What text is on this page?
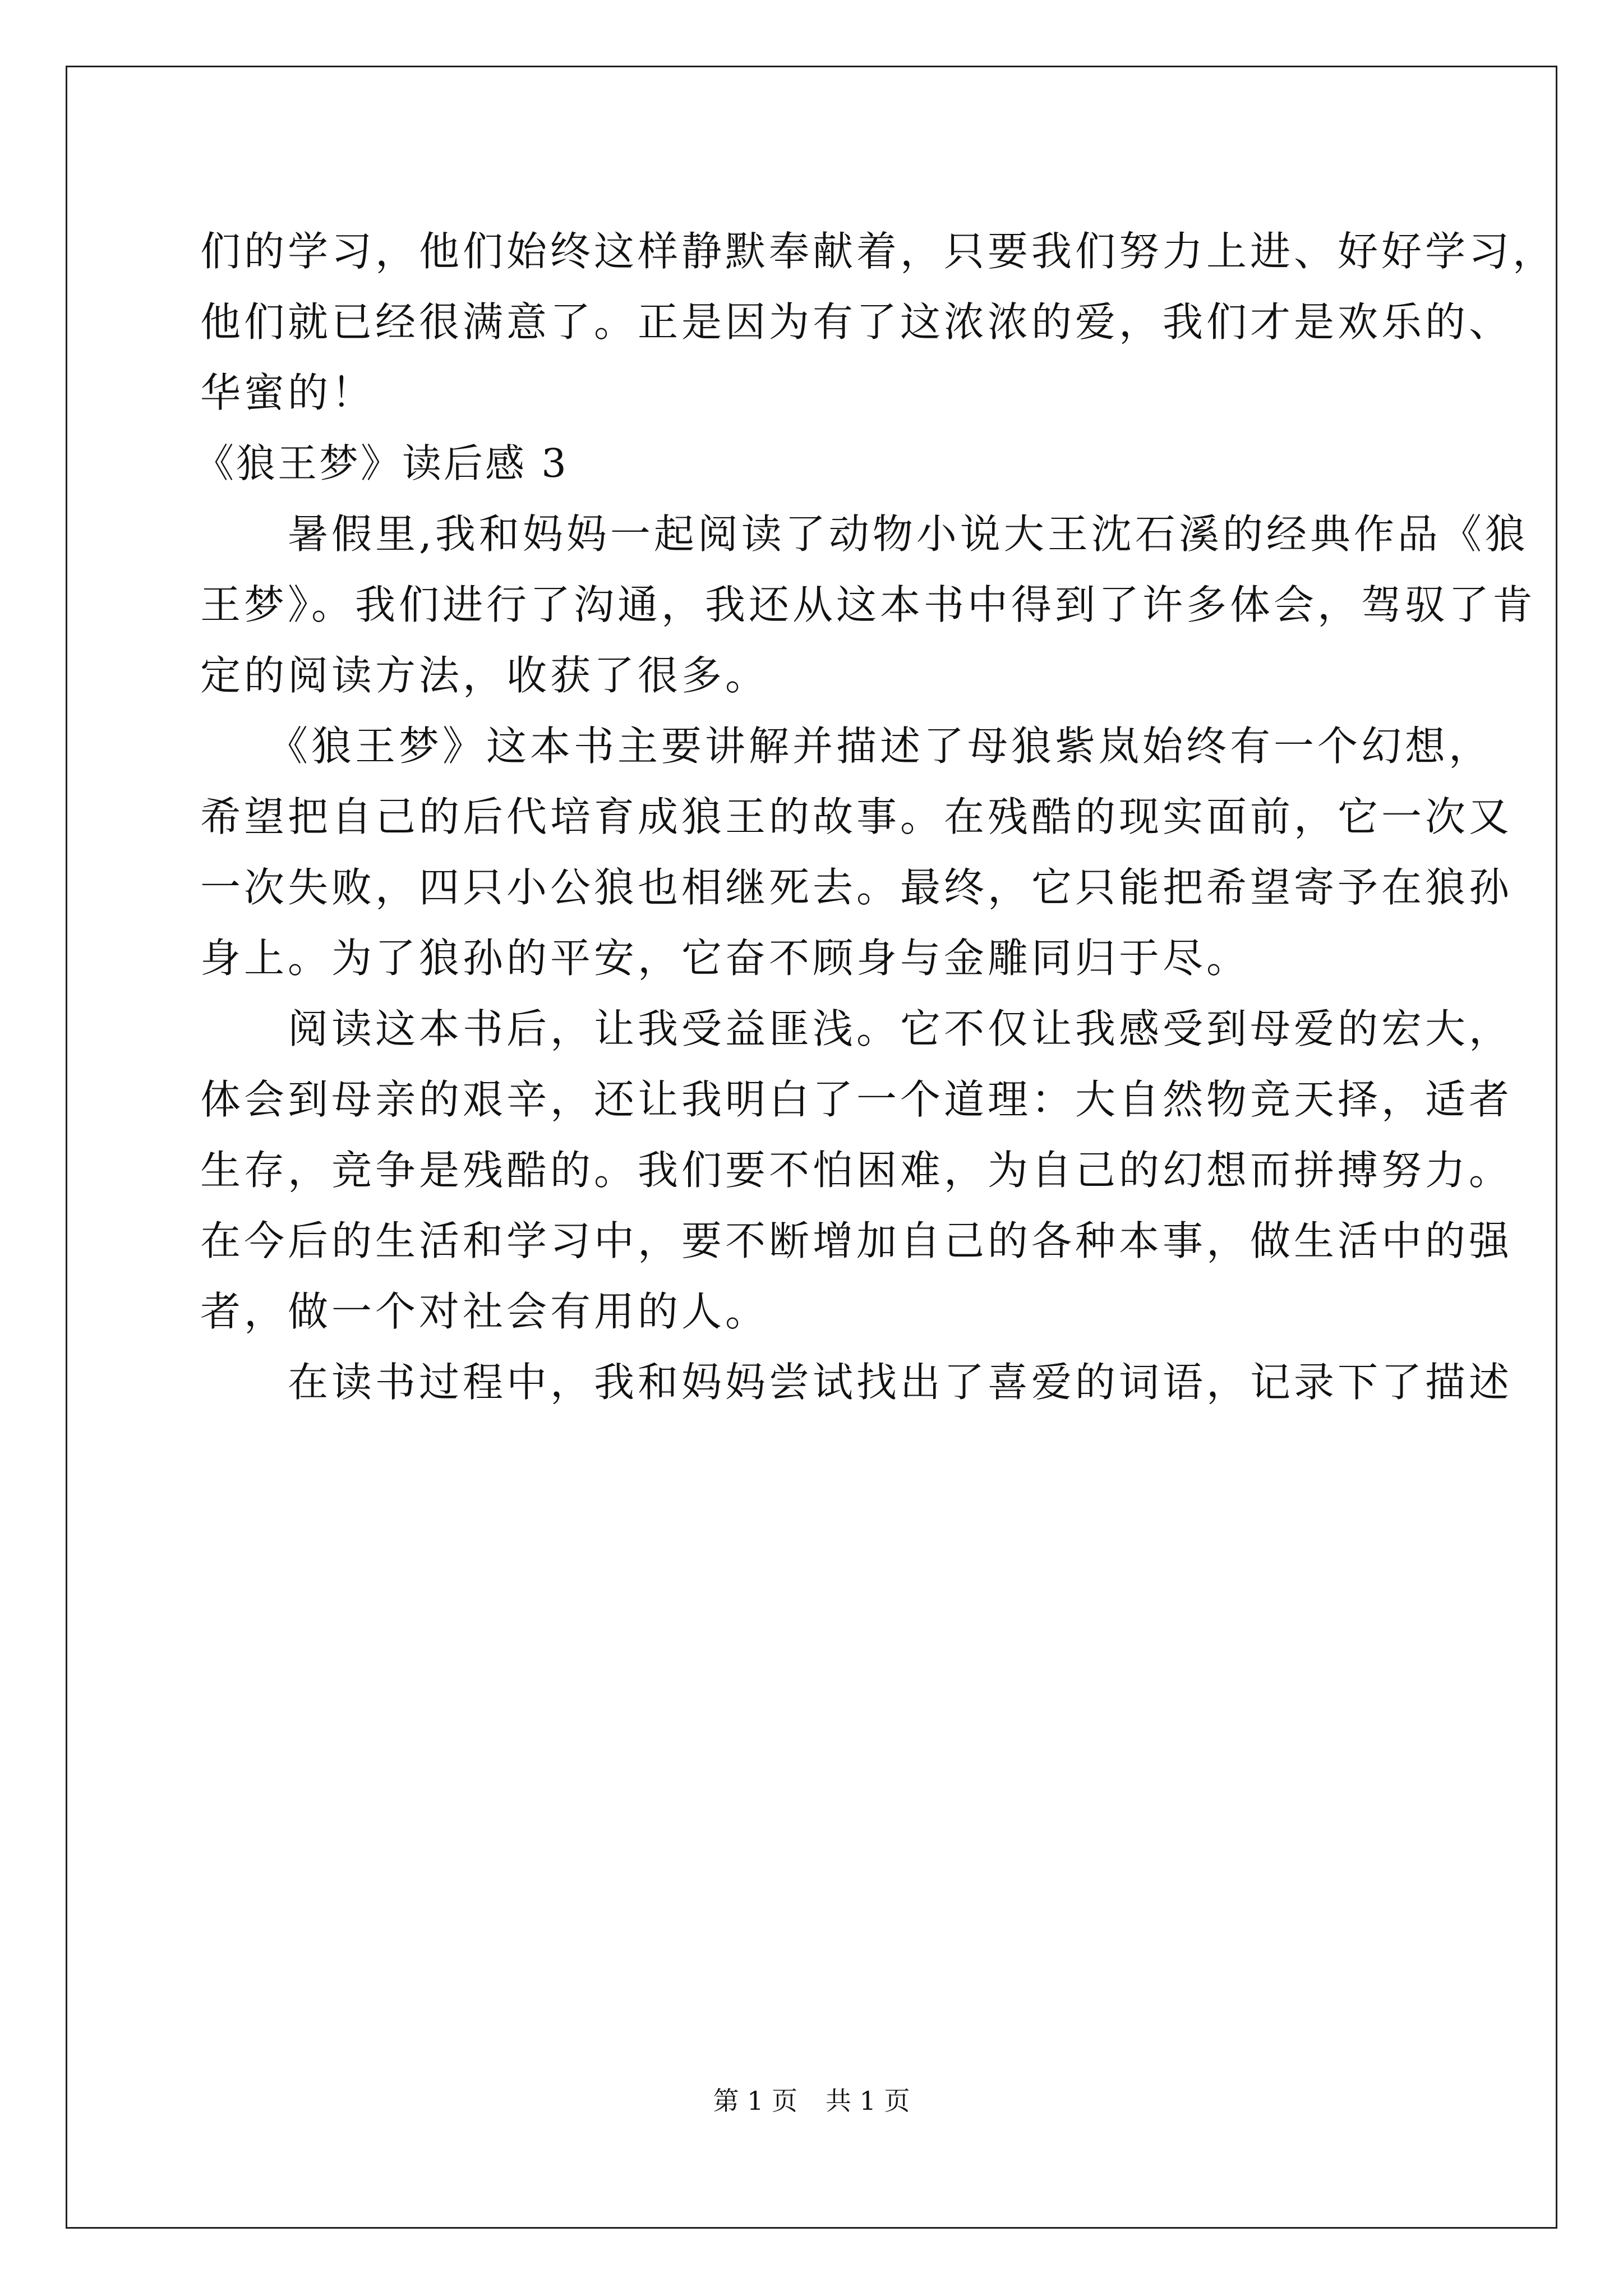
们的学习，他们始终这样静默奉献着，只要我们努力上进、好好学习，
他们就已经很满意了。正是因为有了这浓浓的爱，我们才是欢乐的、
华蜜的！
《狼王梦》读后感 3
　　暑假里,我和妈妈一起阅读了动物小说大王沈石溪的经典作品《狼
王梦》。我们进行了沟通，我还从这本书中得到了许多体会，驾驭了肯
定的阅读方法，收获了很多。
　　《狼王梦》这本书主要讲解并描述了母狼紫岚始终有一个幻想，
希望把自己的后代培育成狼王的故事。在残酷的现实面前，它一次又
一次失败，四只小公狼也相继死去。最终，它只能把希望寄予在狼孙
身上。为了狼孙的平安，它奋不顾身与金雕同归于尽。
　　阅读这本书后，让我受益匪浅。它不仅让我感受到母爱的宏大，
体会到母亲的艰辛，还让我明白了一个道理：大自然物竞天择，适者
生存，竞争是残酷的。我们要不怕困难，为自己的幻想而拼搏努力。
在今后的生活和学习中，要不断增加自己的各种本事，做生活中的强
者，做一个对社会有用的人。
　　在读书过程中，我和妈妈尝试找出了喜爱的词语，记录下了描述
第 1 页 共 1 页
